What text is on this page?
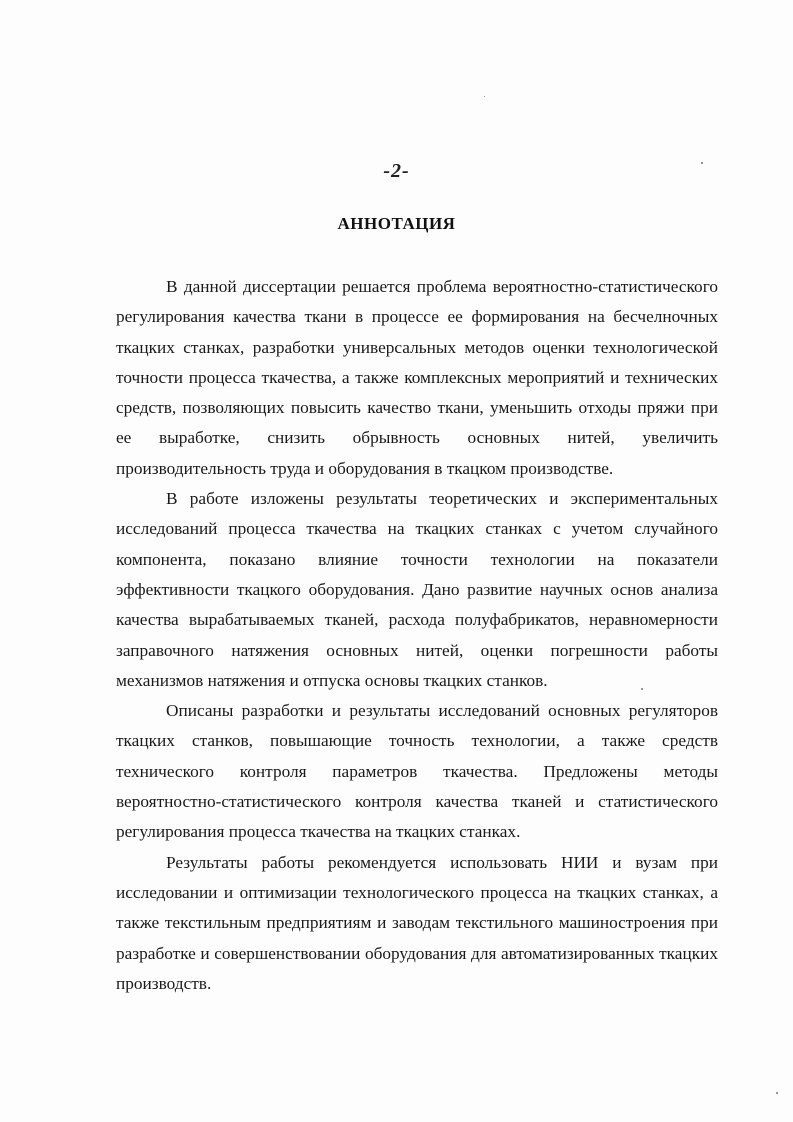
-2-
АННОТАЦИЯ

В данной диссертации решается проблема вероятностно-статистического регулирования качества ткани в процессе ее формирования на бесчелночных ткацких станках, разработки универсальных методов оценки технологической точности процесса ткачества, а также комплексных мероприятий и технических средств, позволяющих повысить качество ткани, уменьшить отходы пряжи при ее выработке, снизить обрывность основных нитей, увеличить производительность труда и оборудования в ткацком производстве.

В работе изложены результаты теоретических и экспериментальных исследований процесса ткачества на ткацких станках с учетом случайного компонента, показано влияние точности технологии на показатели эффективности ткацкого оборудования. Дано развитие научных основ анализа качества вырабатываемых тканей, расхода полуфабрикатов, неравномерности заправочного натяжения основных нитей, оценки погрешности работы механизмов натяжения и отпуска основы ткацких станков.

Описаны разработки и результаты исследований основных регуляторов ткацких станков, повышающие точность технологии, а также средств технического контроля параметров ткачества. Предложены методы вероятностно-статистического контроля качества тканей и статистического регулирования процесса ткачества на ткацких станках.

Результаты работы рекомендуется использовать НИИ и вузам при исследовании и оптимизации технологического процесса на ткацких станках, а также текстильным предприятиям и заводам текстильного машиностроения при разработке и совершенствовании оборудования для автоматизированных ткацких производств.
